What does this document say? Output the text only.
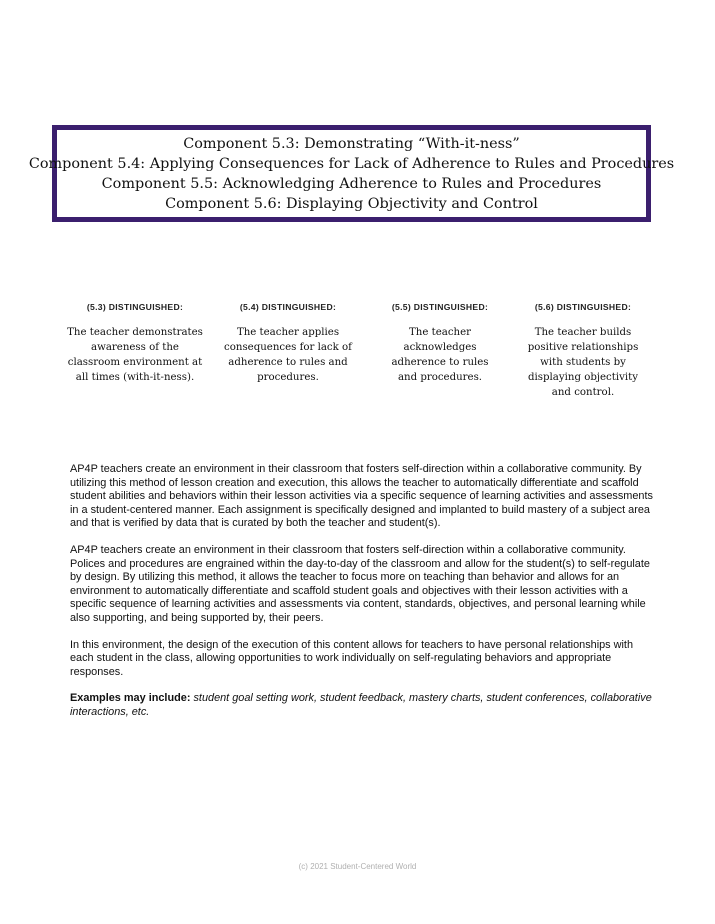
Component 5.3: Demonstrating “With-it-ness”
Component 5.4: Applying Consequences for Lack of Adherence to Rules and Procedures
Component 5.5: Acknowledging Adherence to Rules and Procedures
Component 5.6: Displaying Objectivity and Control
(5.3) DISTINGUISHED:
The teacher demonstrates awareness of the classroom environment at all times (with-it-ness).
(5.4) DISTINGUISHED:
The teacher applies consequences for lack of adherence to rules and procedures.
(5.5) DISTINGUISHED:
The teacher acknowledges adherence to rules and procedures.
(5.6) DISTINGUISHED:
The teacher builds positive relationships with students by displaying objectivity and control.

AP4P teachers create an environment in their classroom that fosters self-direction within a collaborative community. By utilizing this method of lesson creation and execution, this allows the teacher to automatically differentiate and scaffold student abilities and behaviors within their lesson activities via a specific sequence of learning activities and assessments in a student-centered manner. Each assignment is specifically designed and implanted to build mastery of a subject area and that is verified by data that is curated by both the teacher and student(s).

AP4P teachers create an environment in their classroom that fosters self-direction within a collaborative community. Polices and procedures are engrained within the day-to-day of the classroom and allow for the student(s) to self-regulate by design. By utilizing this method, it allows the teacher to focus more on teaching than behavior and allows for an environment to automatically differentiate and scaffold student goals and objectives with their lesson activities with a specific sequence of learning activities and assessments via content, standards, objectives, and personal learning while also supporting, and being supported by, their peers.

In this environment, the design of the execution of this content allows for teachers to have personal relationships with each student in the class, allowing opportunities to work individually on self-regulating behaviors and appropriate responses.

Examples may include: student goal setting work, student feedback, mastery charts, student conferences, collaborative interactions, etc.

(c) 2021 Student-Centered World
